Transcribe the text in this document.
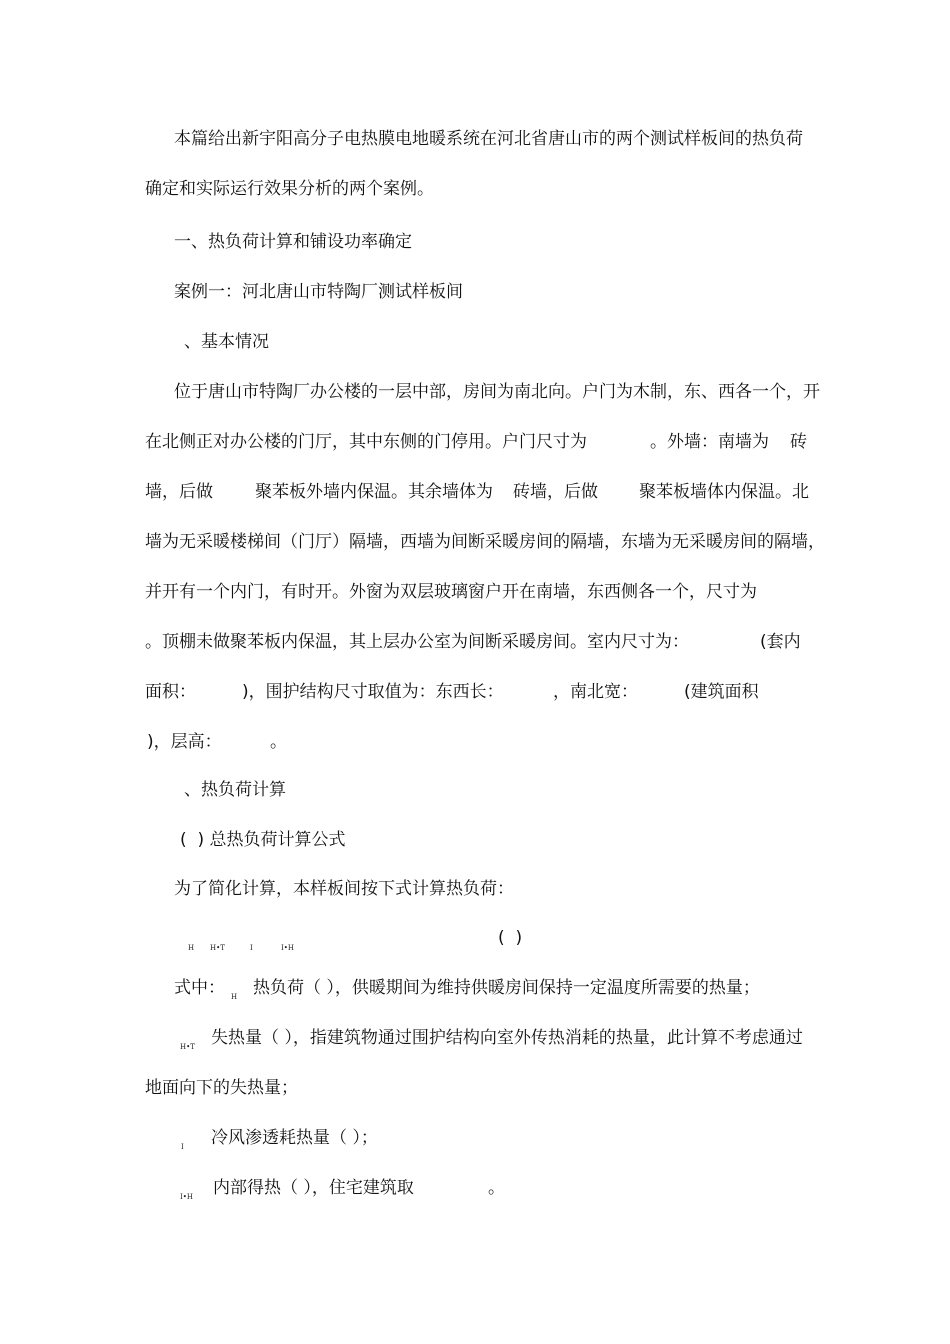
本篇给出新宇阳高分子电热膜电地暖系统在河北省唐山市的两个测试样板间的热负荷
确定和实际运行效果分析的两个案例。
一、热负荷计算和铺设功率确定
案例一：河北唐山市特陶厂测试样板间
、基本情况
位于唐山市特陶厂办公楼的一层中部，房间为南北向。户门为木制，东、西各一个，开
在北侧正对办公楼的门厅，其中东侧的门停用。户门尺寸为	。外墙：南墙为 砖
墙，后做 聚苯板外墙内保温。其余墙体为 砖墙，后做 聚苯板墙体内保温。北
墙为无采暖楼梯间（门厅）隔墙，西墙为间断采暖房间的隔墙，东墙为无采暖房间的隔墙，
并开有一个内门，有时开。外窗为双层玻璃窗户开在南墙，东西侧各一个，尺寸为
。顶棚未做聚苯板内保温，其上层办公室为间断采暖房间。室内尺寸为：	(套内
面积：	)，围护结构尺寸取值为：东西长：	，南北宽：	(建筑面积
)，层高：	。
、热负荷计算
(  ) 总热负荷计算公式
为了简化计算，本样板间按下式计算热负荷：
H H•T	I	I•H	(  )
式中： H 热负荷（ ），供暖期间为维持供暖房间保持一定温度所需要的热量；
H•T 失热量（ ），指建筑物通过围护结构向室外传热消耗的热量，此计算不考虑通过
地面向下的失热量；
I 冷风渗透耗热量（ ）；
I•H 内部得热（ ），住宅建筑取	。
